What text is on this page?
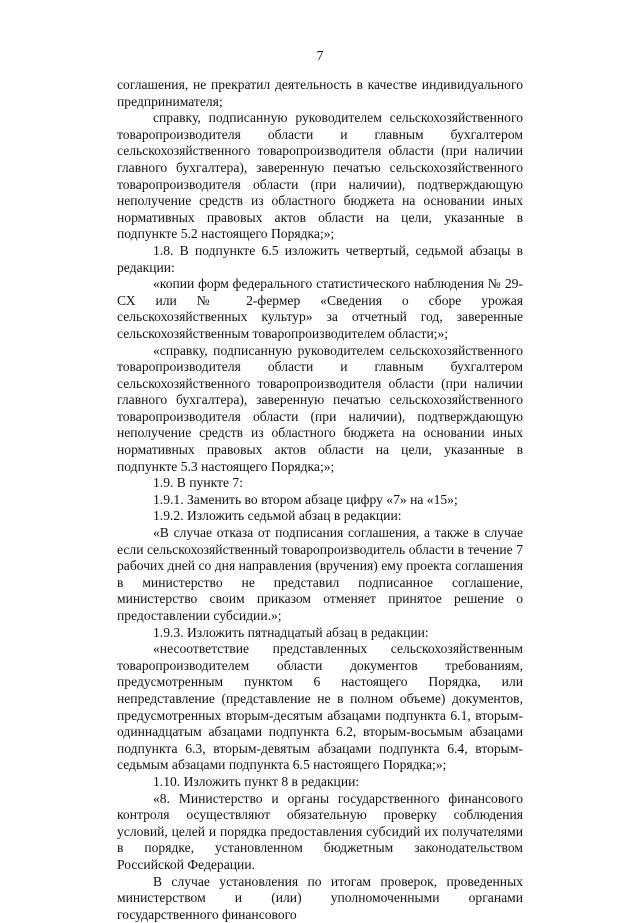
7

соглашения, не прекратил деятельность в качестве индивидуального предпринимателя;

справку, подписанную руководителем сельскохозяйственного товаропроизводителя области и главным бухгалтером сельскохозяйственного товаропроизводителя области (при наличии главного бухгалтера), заверенную печатью сельскохозяйственного товаропроизводителя области (при наличии), подтверждающую неполучение средств из областного бюджета на основании иных нормативных правовых актов области на цели, указанные в подпункте 5.2 настоящего Порядка;»;

1.8. В подпункте 6.5 изложить четвертый, седьмой абзацы в редакции:

«копии форм федерального статистического наблюдения № 29-СХ или № 2-фермер «Сведения о сборе урожая сельскохозяйственных культур» за отчетный год, заверенные сельскохозяйственным товаропроизводителем области;»;

«справку, подписанную руководителем сельскохозяйственного товаропроизводителя области и главным бухгалтером сельскохозяйственного товаропроизводителя области (при наличии главного бухгалтера), заверенную печатью сельскохозяйственного товаропроизводителя области (при наличии), подтверждающую неполучение средств из областного бюджета на основании иных нормативных правовых актов области на цели, указанные в подпункте 5.3 настоящего Порядка;»;

1.9. В пункте 7:

1.9.1. Заменить во втором абзаце цифру «7» на «15»;

1.9.2. Изложить седьмой абзац в редакции:

«В случае отказа от подписания соглашения, а также в случае если сельскохозяйственный товаропроизводитель области в течение 7 рабочих дней со дня направления (вручения) ему проекта соглашения в министерство не представил подписанное соглашение, министерство своим приказом отменяет принятое решение о предоставлении субсидии.»;

1.9.3. Изложить пятнадцатый абзац в редакции:

«несоответствие представленных сельскохозяйственным товаропроизводителем области документов требованиям, предусмотренным пунктом 6 настоящего Порядка, или непредставление (представление не в полном объеме) документов, предусмотренных вторым-десятым абзацами подпункта 6.1, вторым-одиннадцатым абзацами подпункта 6.2, вторым-восьмым абзацами подпункта 6.3, вторым-девятым абзацами подпункта 6.4, вторым-седьмым абзацами подпункта 6.5 настоящего Порядка;»;

1.10. Изложить пункт 8 в редакции:

«8. Министерство и органы государственного финансового контроля осуществляют обязательную проверку соблюдения условий, целей и порядка предоставления субсидий их получателями в порядке, установленном бюджетным законодательством Российской Федерации.

В случае установления по итогам проверок, проведенных министерством и (или) уполномоченными органами государственного финансового
